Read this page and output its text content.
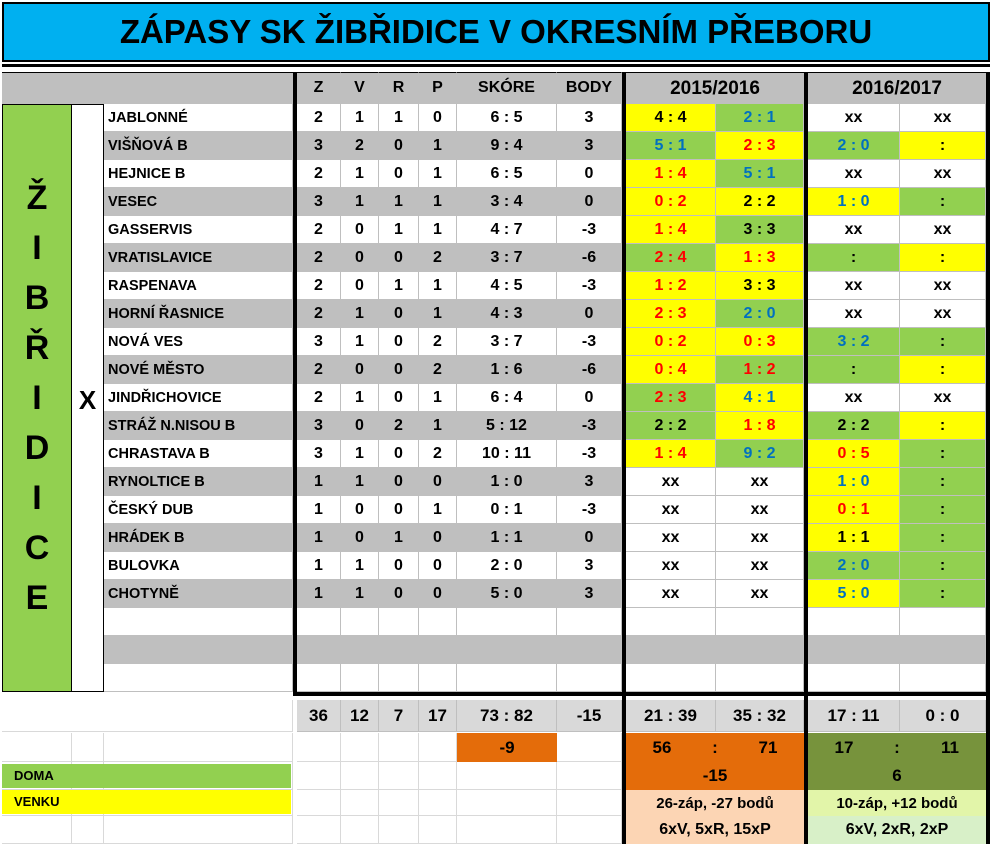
ZÁPASY SK ŽIBŘIDICE V OKRESNÍM PŘEBORU
Z	V	R	P	SKÓRE	BODY	2015/2016	2016/2017
Ž
I
B
Ř
I
D
I
C
E
X
JABLONNÉ	2	1	1	0	6 : 5	3	4 : 4	2 : 1	xx	xx
VIŠŇOVÁ B	3	2	0	1	9 : 4	3	5 : 1	2 : 3	2 : 0	:
HEJNICE B	2	1	0	1	6 : 5	0	1 : 4	5 : 1	xx	xx
VESEC	3	1	1	1	3 : 4	0	0 : 2	2 : 2	1 : 0	:
GASSERVIS	2	0	1	1	4 : 7	-3	1 : 4	3 : 3	xx	xx
VRATISLAVICE	2	0	0	2	3 : 7	-6	2 : 4	1 : 3	:	:
RASPENAVA	2	0	1	1	4 : 5	-3	1 : 2	3 : 3	xx	xx
HORNÍ ŘASNICE	2	1	0	1	4 : 3	0	2 : 3	2 : 0	xx	xx
NOVÁ VES	3	1	0	2	3 : 7	-3	0 : 2	0 : 3	3 : 2	:
NOVÉ MĚSTO	2	0	0	2	1 : 6	-6	0 : 4	1 : 2	:	:
JINDŘICHOVICE	2	1	0	1	6 : 4	0	2 : 3	4 : 1	xx	xx
STRÁŽ N.NISOU B	3	0	2	1	5 : 12	-3	2 : 2	1 : 8	2 : 2	:
CHRASTAVA B	3	1	0	2	10 : 11	-3	1 : 4	9 : 2	0 : 5	:
RYNOLTICE B	1	1	0	0	1 : 0	3	xx	xx	1 : 0	:
ČESKÝ DUB	1	0	0	1	0 : 1	-3	xx	xx	0 : 1	:
HRÁDEK B	1	0	1	0	1 : 1	0	xx	xx	1 : 1	:
BULOVKA	1	1	0	0	2 : 0	3	xx	xx	2 : 0	:
CHOTYNĚ	1	1	0	0	5 : 0	3	xx	xx	5 : 0	:
36	12	7	17	73 : 82	-15	21 : 39	35 : 32	17 : 11	0 : 0
-9	56	:	71
-15
26-záp, -27 bodů
6xV, 5xR, 15xP
17	:	11
6
10-záp, +12 bodů
6xV, 2xR, 2xP
DOMA
VENKU
